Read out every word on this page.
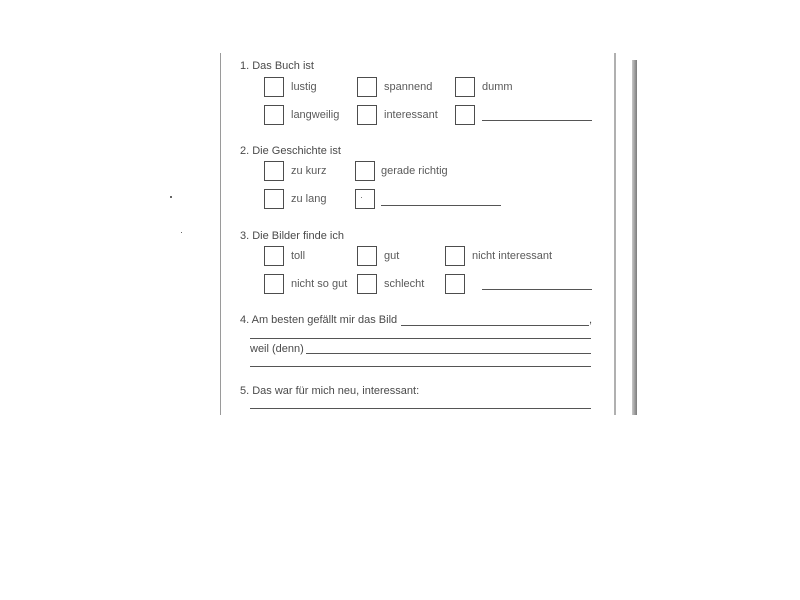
1. Das Buch ist
lustig	spannend	dumm
langweilig	interessant
2. Die Geschichte ist
zu kurz	gerade richtig
zu lang	·
3. Die Bilder finde ich
toll	gut	nicht interessant
nicht so gut	schlecht
4. Am besten gefällt mir das Bild	,
weil (denn)
5. Das war für mich neu, interessant:
